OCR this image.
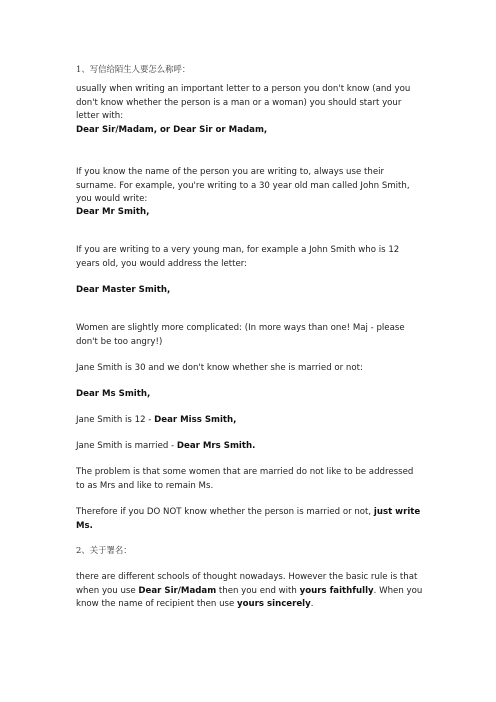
1、写信给陌生人要怎么称呼：

usually when writing an important letter to a person you don't know (and you don't know whether the person is a man or a woman) you should start your letter with:

Dear Sir/Madam, or Dear Sir or Madam,

If you know the name of the person you are writing to, always use their surname. For example, you're writing to a 30 year old man called John Smith, you would write:

Dear Mr Smith,

If you are writing to a very young man, for example a John Smith who is 12 years old, you would address the letter:

Dear Master Smith,

Women are slightly more complicated: (In more ways than one! Maj - please don't be too angry!)

Jane Smith is 30 and we don't know whether she is married or not:

Dear Ms Smith,

Jane Smith is 12 - Dear Miss Smith,

Jane Smith is married - Dear Mrs Smith.

The problem is that some women that are married do not like to be addressed to as Mrs and like to remain Ms.

Therefore if you DO NOT know whether the person is married or not, just write Ms.

2、关于署名：

there are different schools of thought nowadays. However the basic rule is that when you use Dear Sir/Madam then you end with yours faithfully. When you know the name of recipient then use yours sincerely.
